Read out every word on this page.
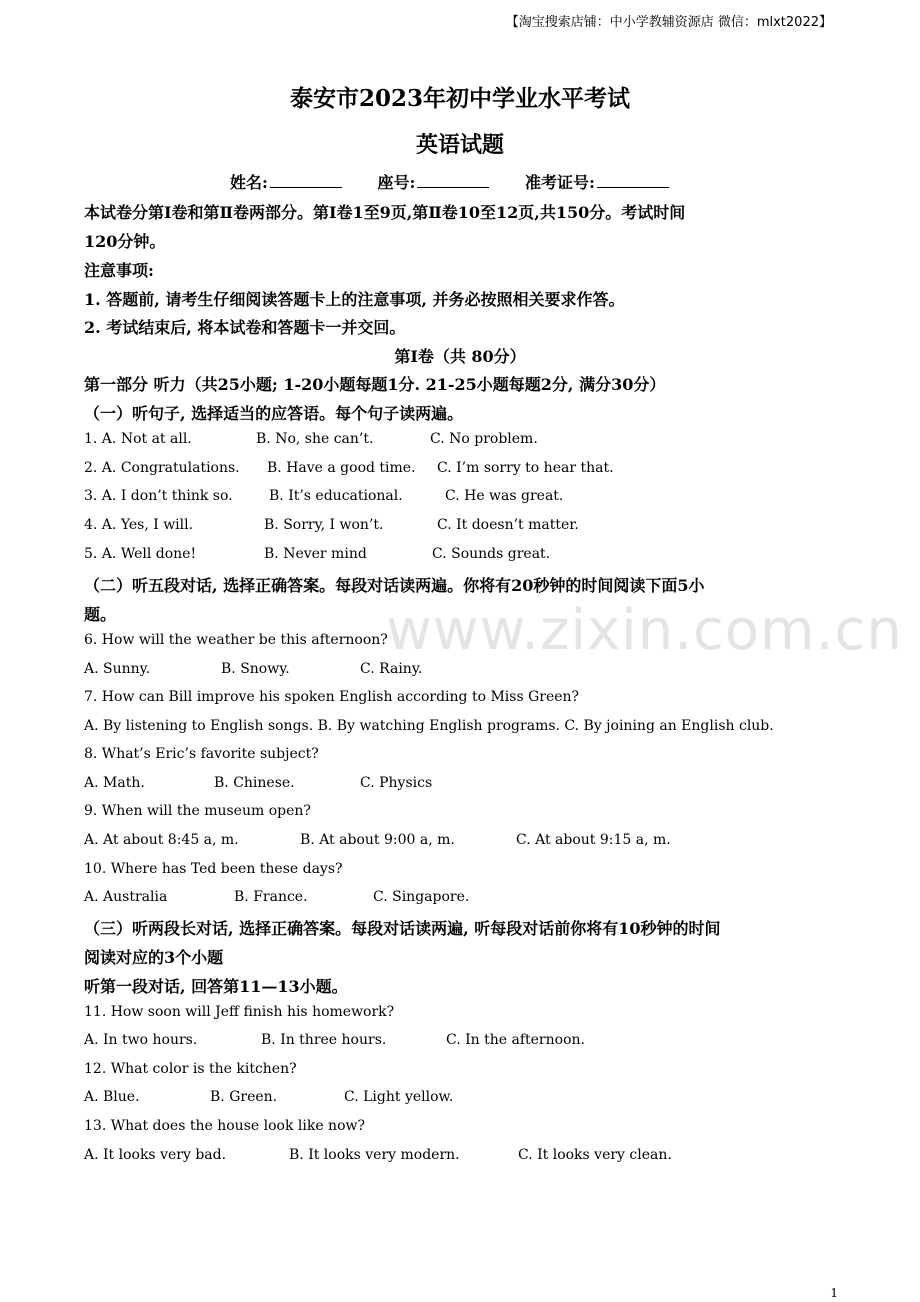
【淘宝搜索店铺：中小学教辅资源店 微信：mlxt2022】
泰安市2023年初中学业水平考试
英语试题
姓名:	座号:	准考证号:
本试卷分第Ⅰ卷和第Ⅱ卷两部分。第I卷1至9页,第Ⅱ卷10至12页,共150分。考试时间
120分钟。
注意事项:
1. 答题前, 请考生仔细阅读答题卡上的注意事项, 并务必按照相关要求作答。
2. 考试结束后, 将本试卷和答题卡一并交回。
第Ⅰ卷（共 80分）
第一部分 听力（共25小题; 1-20小题每题1分. 21-25小题每题2分, 满分30分）
（一）听句子, 选择适当的应答语。每个句子读两遍。
1. A. Not at all.	B. No, she can’t.	C. No problem.
2. A. Congratulations. B. Have a good time. C. I’m sorry to hear that.
3. A. I don’t think so.	B. It’s educational.	C. He was great.
4. A. Yes, I will.	B. Sorry, I won’t.	C. It doesn’t matter.
5. A. Well done!	B. Never mind	C. Sounds great.
（二）听五段对话, 选择正确答案。每段对话读两遍。你将有20秒钟的时间阅读下面5小
题。	www.zixin.com.cn
6. How will the weather be this afternoon?
A. Sunny.	B. Snowy.	C. Rainy.
7. How can Bill improve his spoken English according to Miss Green?
A. By listening to English songs. B. By watching English programs. C. By joining an English club.
8. What’s Eric’s favorite subject?
A. Math.	B. Chinese.	C. Physics
9. When will the museum open?
A. At about 8:45 a, m.	B. At about 9:00 a, m.	C. At about 9:15 a, m.
10. Where has Ted been these days?
A. Australia	B. France.	C. Singapore.
（三）听两段长对话, 选择正确答案。每段对话读两遍, 听每段对话前你将有10秒钟的时间
阅读对应的3个小题
听第一段对话, 回答第11—13小题。
11. How soon will Jeff finish his homework?
A. In two hours.	B. In three hours.	C. In the afternoon.
12. What color is the kitchen?
A. Blue.	B. Green.	C. Light yellow.
13. What does the house look like now?
A. It looks very bad.	B. It looks very modern.	C. It looks very clean.
1
